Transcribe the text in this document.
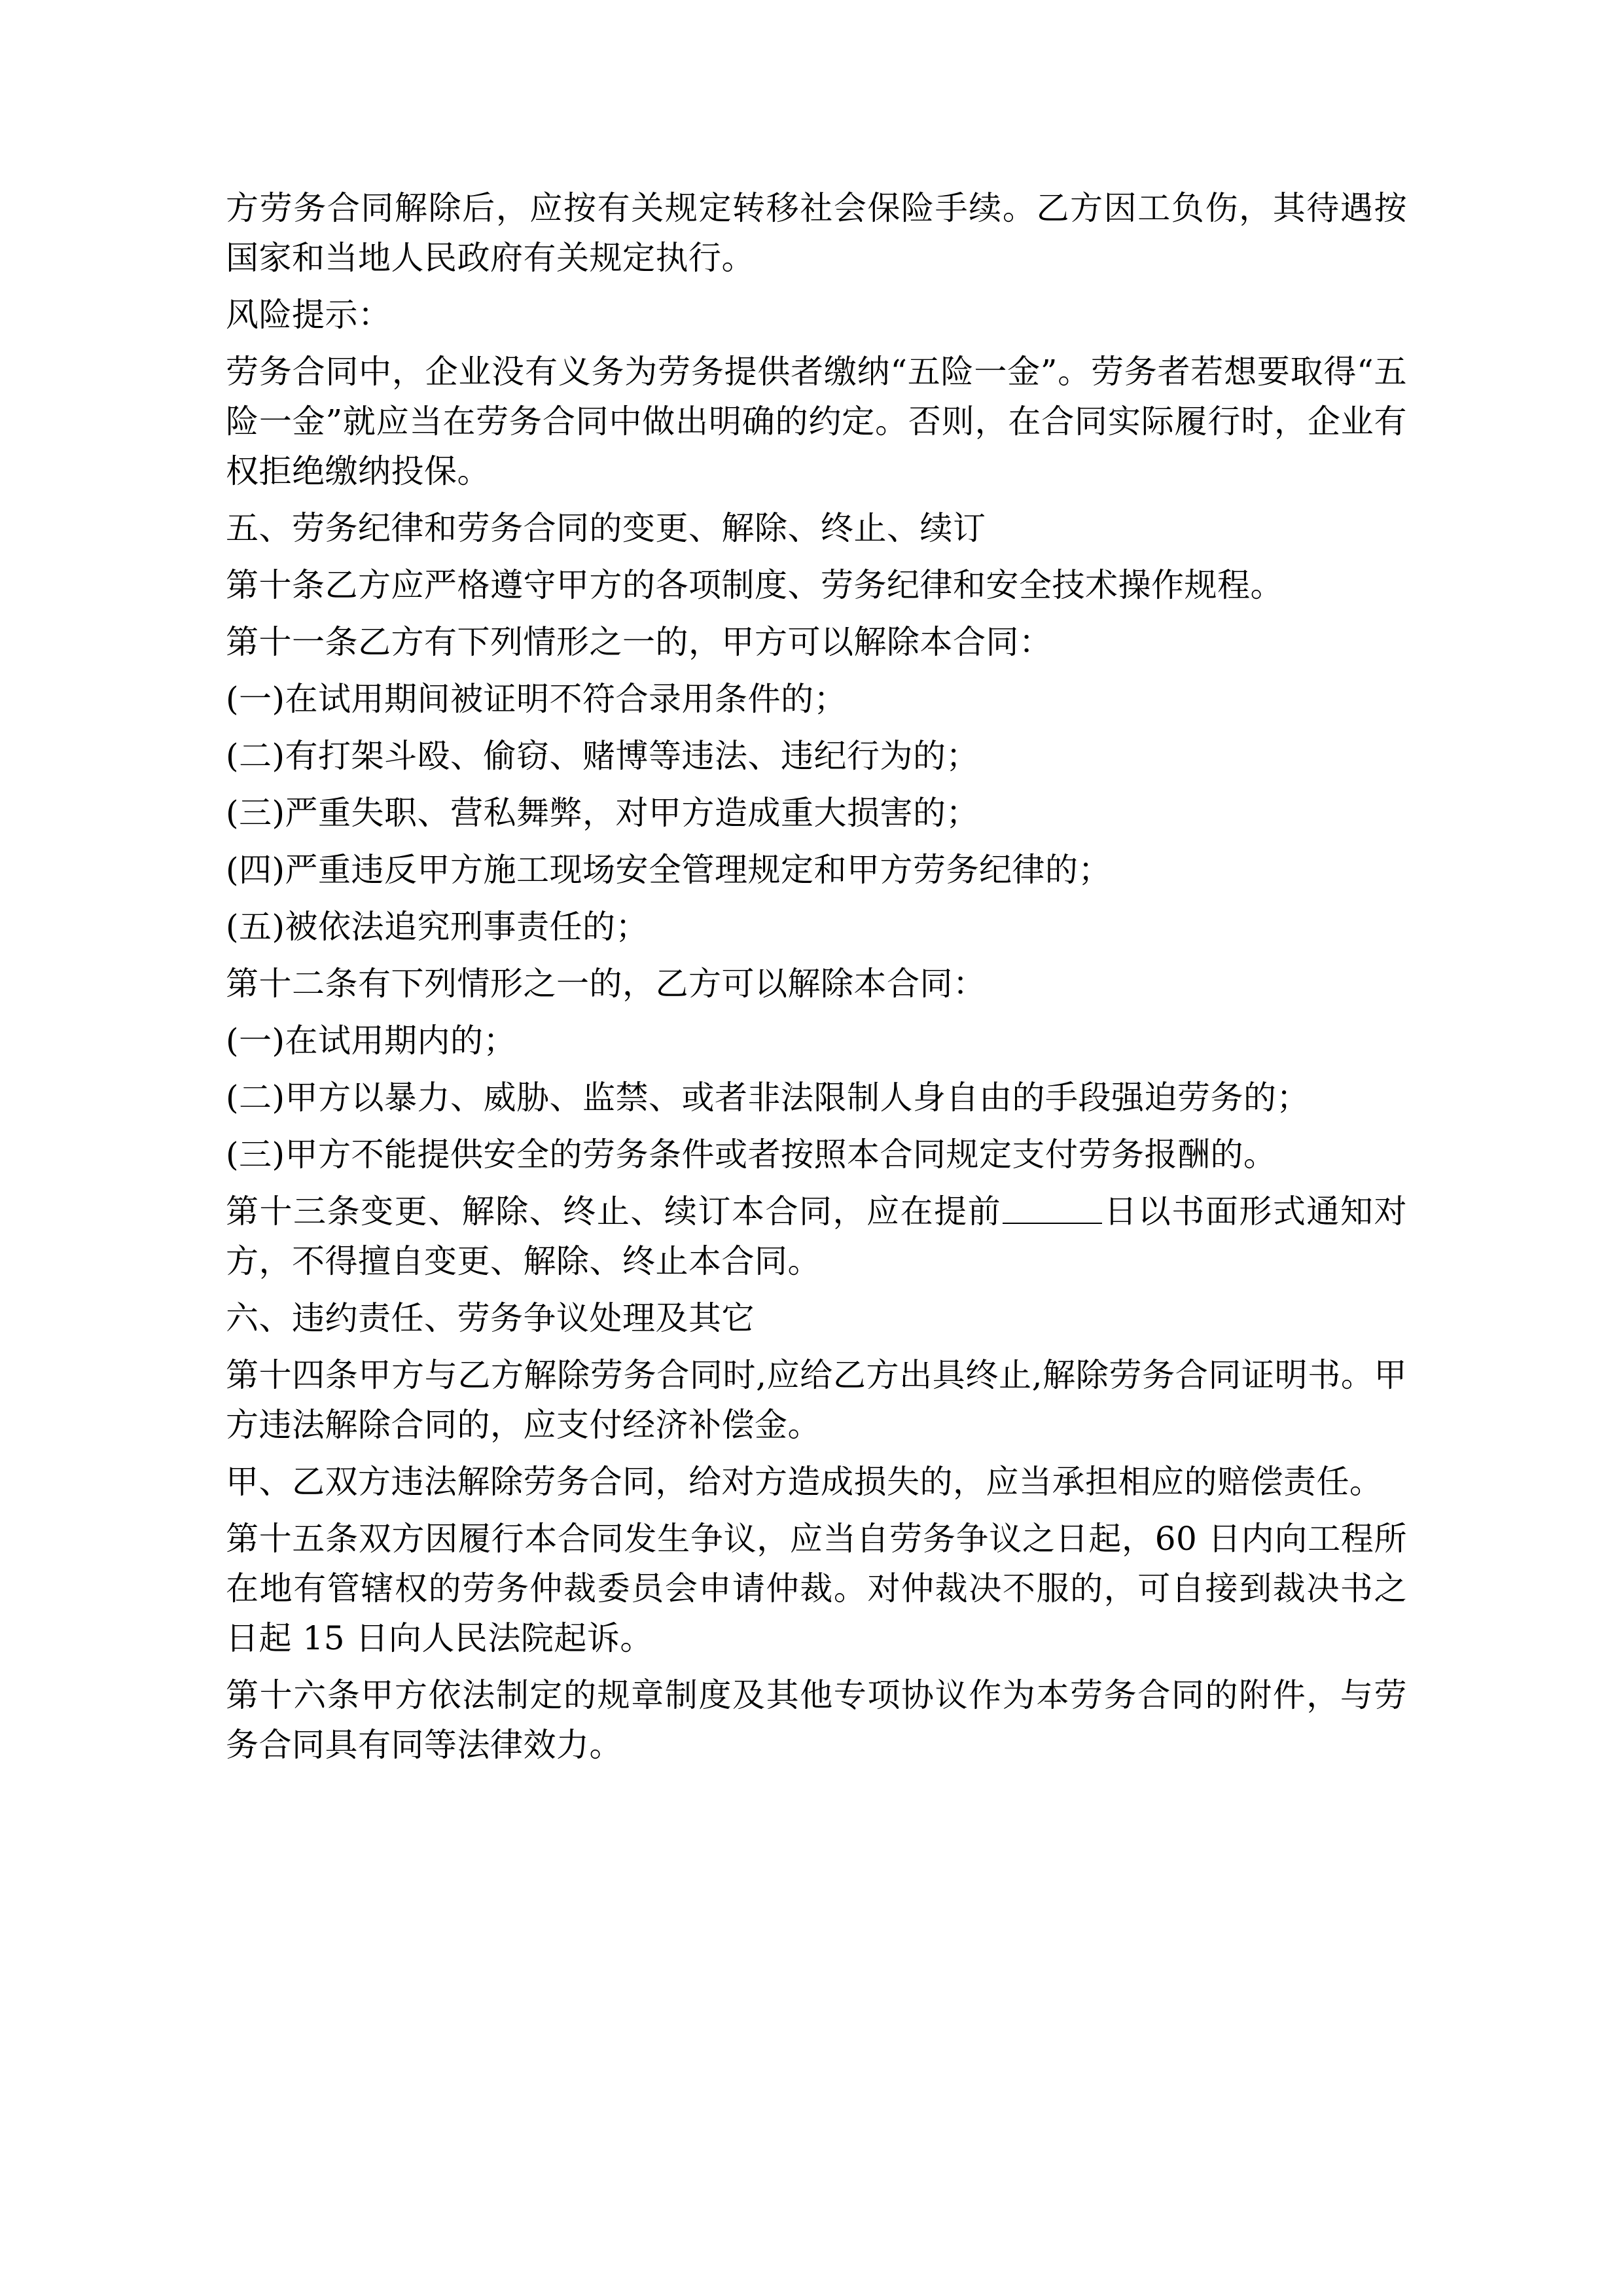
方劳务合同解除后，应按有关规定转移社会保险手续。乙方因工负伤，其待遇按国家和当地人民政府有关规定执行。

风险提示：

劳务合同中，企业没有义务为劳务提供者缴纳“五险一金”。劳务者若想要取得“五险一金”就应当在劳务合同中做出明确的约定。否则，在合同实际履行时，企业有权拒绝缴纳投保。

五、劳务纪律和劳务合同的变更、解除、终止、续订

第十条乙方应严格遵守甲方的各项制度、劳务纪律和安全技术操作规程。

第十一条乙方有下列情形之一的，甲方可以解除本合同：

(一)在试用期间被证明不符合录用条件的；

(二)有打架斗殴、偷窃、赌博等违法、违纪行为的；

(三)严重失职、营私舞弊，对甲方造成重大损害的；

(四)严重违反甲方施工现场安全管理规定和甲方劳务纪律的；

(五)被依法追究刑事责任的；

第十二条有下列情形之一的，乙方可以解除本合同：

(一)在试用期内的；

(二)甲方以暴力、威胁、监禁、或者非法限制人身自由的手段强迫劳务的；

(三)甲方不能提供安全的劳务条件或者按照本合同规定支付劳务报酬的。

第十三条变更、解除、终止、续订本合同，应在提前	日以书面形式通知对方，不得擅自变更、解除、终止本合同。

六、违约责任、劳务争议处理及其它

第十四条甲方与乙方解除劳务合同时,应给乙方出具终止,解除劳务合同证明书。甲方违法解除合同的，应支付经济补偿金。

甲、乙双方违法解除劳务合同，给对方造成损失的，应当承担相应的赔偿责任。

第十五条双方因履行本合同发生争议，应当自劳务争议之日起，60 日内向工程所在地有管辖权的劳务仲裁委员会申请仲裁。对仲裁决不服的，可自接到裁决书之日起 15 日向人民法院起诉。

第十六条甲方依法制定的规章制度及其他专项协议作为本劳务合同的附件，与劳务合同具有同等法律效力。
